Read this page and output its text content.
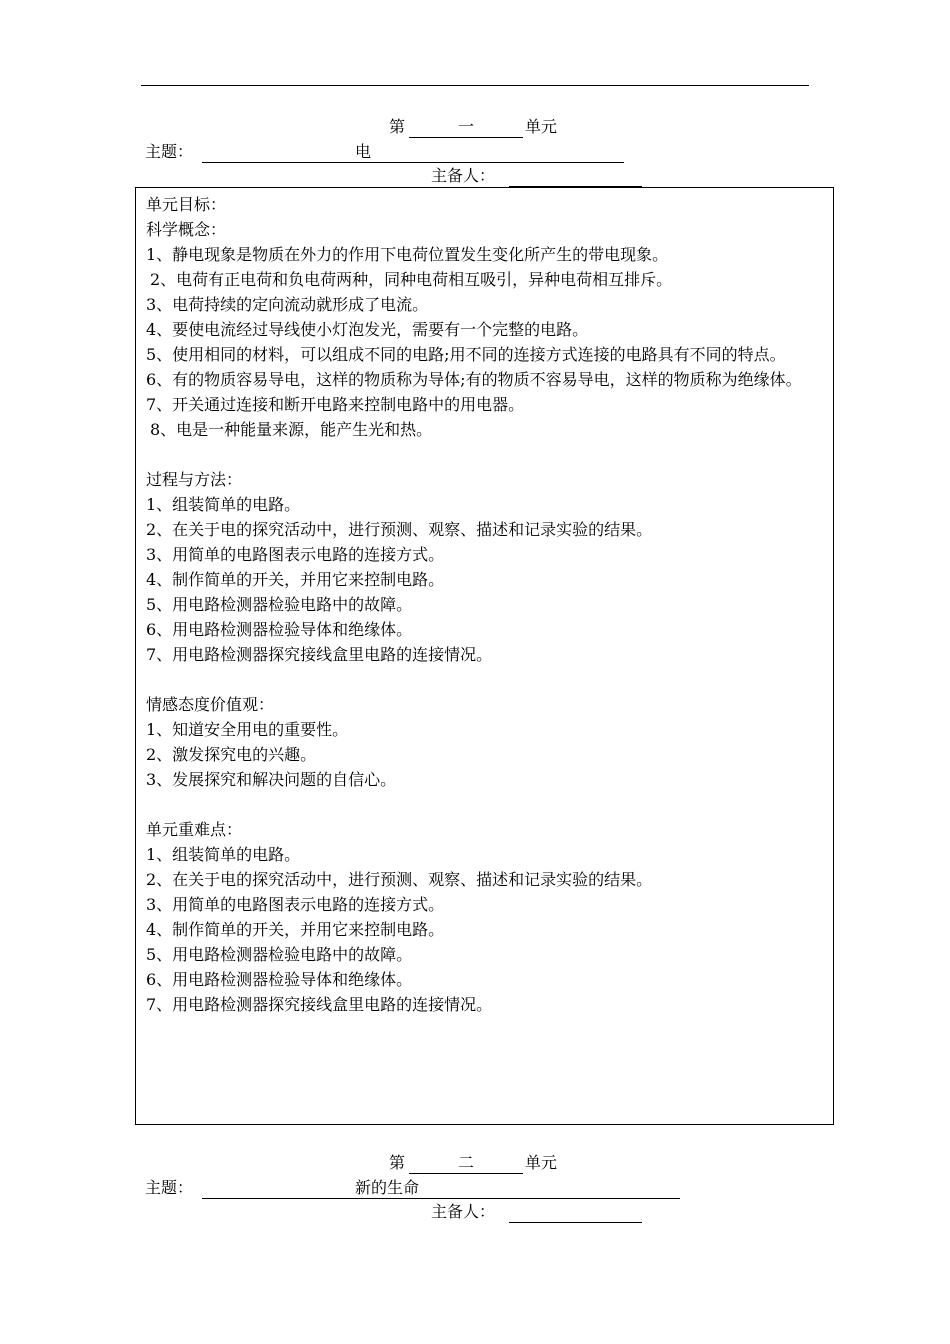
第	一	单元
主题：	电
主备人：
单元目标：
科学概念：
1、静电现象是物质在外力的作用下电荷位置发生变化所产生的带电现象。
2、电荷有正电荷和负电荷两种，同种电荷相互吸引，异种电荷相互排斥。
3、电荷持续的定向流动就形成了电流。
4、要使电流经过导线使小灯泡发光，需要有一个完整的电路。
5、使用相同的材料，可以组成不同的电路;用不同的连接方式连接的电路具有不同的特点。
6、有的物质容易导电，这样的物质称为导体;有的物质不容易导电，这样的物质称为绝缘体。
7、开关通过连接和断开电路来控制电路中的用电器。
8、电是一种能量来源，能产生光和热。
过程与方法：
1、组装简单的电路。
2、在关于电的探究活动中，进行预测、观察、描述和记录实验的结果。
3、用简单的电路图表示电路的连接方式。
4、制作简单的开关，并用它来控制电路。
5、用电路检测器检验电路中的故障。
6、用电路检测器检验导体和绝缘体。
7、用电路检测器探究接线盒里电路的连接情况。
情感态度价值观：
1、知道安全用电的重要性。
2、激发探究电的兴趣。
3、发展探究和解决问题的自信心。
单元重难点：
1、组装简单的电路。
2、在关于电的探究活动中，进行预测、观察、描述和记录实验的结果。
3、用简单的电路图表示电路的连接方式。
4、制作简单的开关，并用它来控制电路。
5、用电路检测器检验电路中的故障。
6、用电路检测器检验导体和绝缘体。
7、用电路检测器探究接线盒里电路的连接情况。
第	二	单元
主题：	新的生命
主备人：
